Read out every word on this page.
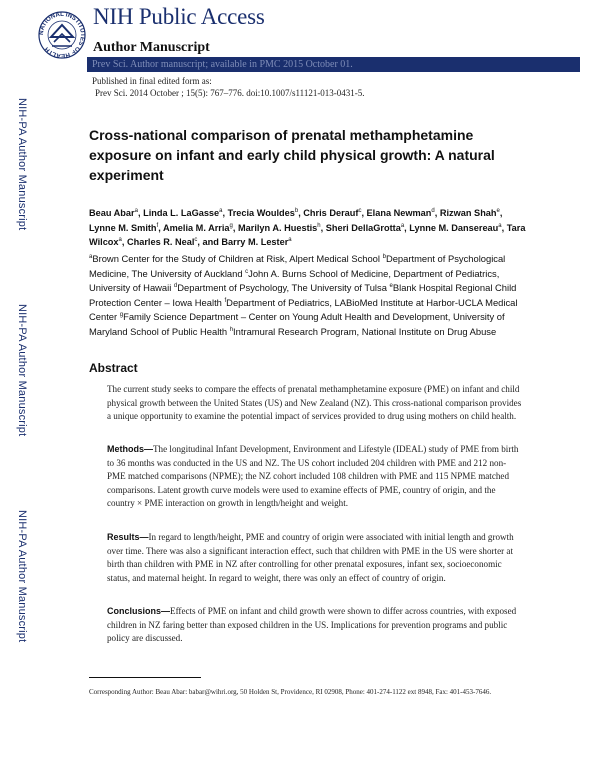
NATIONAL INSTITUTES OF HEALTH
NIH Public Access
Author Manuscript
Prev Sci. Author manuscript; available in PMC 2015 October 01.
Published in final edited form as:
Prev Sci. 2014 October ; 15(5): 767–776. doi:10.1007/s11121-013-0431-5.
NIH-PA Author Manuscript
NIH-PA Author Manuscript
NIH-PA Author Manuscript
Cross-national comparison of prenatal methamphetamine exposure on infant and early child physical growth: A natural experiment
Beau Abar$^a$, Linda L. LaGasse$^a$, Trecia Wouldes$^b$, Chris Derauf$^c$, Elana Newman$^d$, Rizwan Shah$^e$, Lynne M. Smith$^f$, Amelia M. Arria$^g$, Marilyn A. Huestis$^h$, Sheri DellaGrotta$^a$, Lynne M. Dansereau$^a$, Tara Wilcox$^a$, Charles R. Neal$^c$, and Barry M. Lester$^a$
$^a$Brown Center for the Study of Children at Risk, Alpert Medical School $^b$Department of Psychological Medicine, The University of Auckland $^c$John A. Burns School of Medicine, Department of Pediatrics, University of Hawaii $^d$Department of Psychology, The University of Tulsa $^e$Blank Hospital Regional Child Protection Center – Iowa Health $^f$Department of Pediatrics, LABioMed Institute at Harbor-UCLA Medical Center $^g$Family Science Department – Center on Young Adult Health and Development, University of Maryland School of Public Health $^h$Intramural Research Program, National Institute on Drug Abuse
Abstract

The current study seeks to compare the effects of prenatal methamphetamine exposure (PME) on infant and child physical growth between the United States (US) and New Zealand (NZ). This cross-national comparison provides a unique opportunity to examine the potential impact of services provided to drug using mothers on child health.

Methods—The longitudinal Infant Development, Environment and Lifestyle (IDEAL) study of PME from birth to 36 months was conducted in the US and NZ. The US cohort included 204 children with PME and 212 non-PME matched comparisons (NPME); the NZ cohort included 108 children with PME and 115 NPME matched comparisons. Latent growth curve models were used to examine effects of PME, country of origin, and the country × PME interaction on growth in length/height and weight.

Results—In regard to length/height, PME and country of origin were associated with initial length and growth over time. There was also a significant interaction effect, such that children with PME in the US were shorter at birth than children with PME in NZ after controlling for other prenatal exposures, infant sex, socioeconomic status, and maternal height. In regard to weight, there was only an effect of country of origin.

Conclusions—Effects of PME on infant and child growth were shown to differ across countries, with exposed children in NZ faring better than exposed children in the US. Implications for prevention programs and public policy are discussed.

Corresponding Author: Beau Abar: babar@wihri.org, 50 Holden St, Providence, RI 02908, Phone: 401-274-1122 ext 8948, Fax: 401-453-7646.
